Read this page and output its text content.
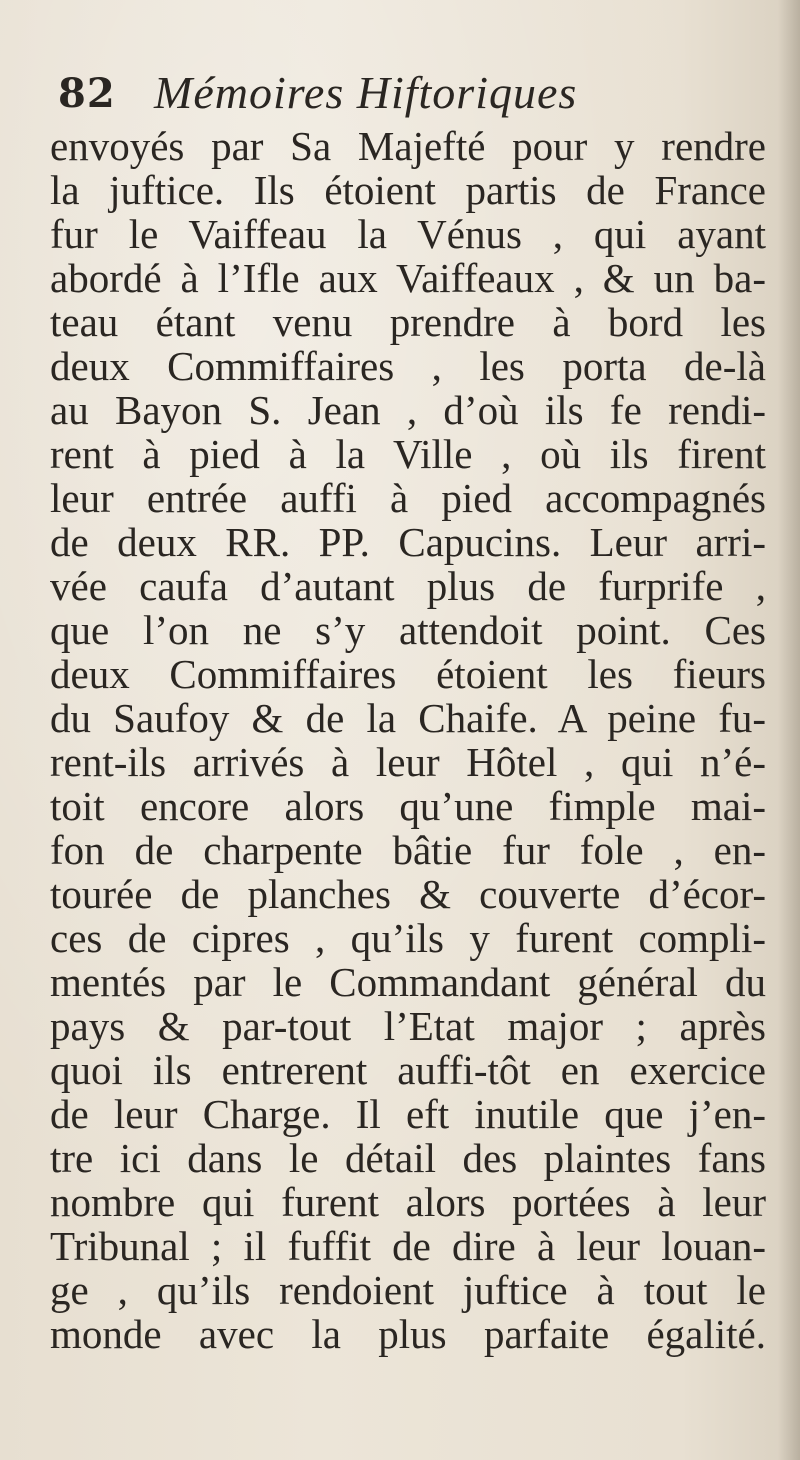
82 Mémoires Hiftoriques
envoyés par Sa Majefté pour y rendre
la juftice. Ils étoient partis de France
fur le Vaiffeau la Vénus , qui ayant
abordé à l’Ifle aux Vaiffeaux , & un ba-
teau étant venu prendre à bord les
deux Commiffaires , les porta de-là
au Bayon S. Jean , d’où ils fe rendi-
rent à pied à la Ville , où ils firent
leur entrée auffi à pied accompagnés
de deux RR. PP. Capucins. Leur arri-
vée caufa d’autant plus de furprife ,
que l’on ne s’y attendoit point. Ces
deux Commiffaires étoient les fieurs
du Saufoy & de la Chaife. A peine fu-
rent-ils arrivés à leur Hôtel , qui n’é-
toit encore alors qu’une fimple mai-
fon de charpente bâtie fur fole , en-
tourée de planches & couverte d’écor-
ces de cipres , qu’ils y furent compli-
mentés par le Commandant général du
pays & par-tout l’Etat major ; après
quoi ils entrerent auffi-tôt en exercice
de leur Charge. Il eft inutile que j’en-
tre ici dans le détail des plaintes fans
nombre qui furent alors portées à leur
Tribunal ; il fuffit de dire à leur louan-
ge , qu’ils rendoient juftice à tout le
monde avec la plus parfaite égalité.
